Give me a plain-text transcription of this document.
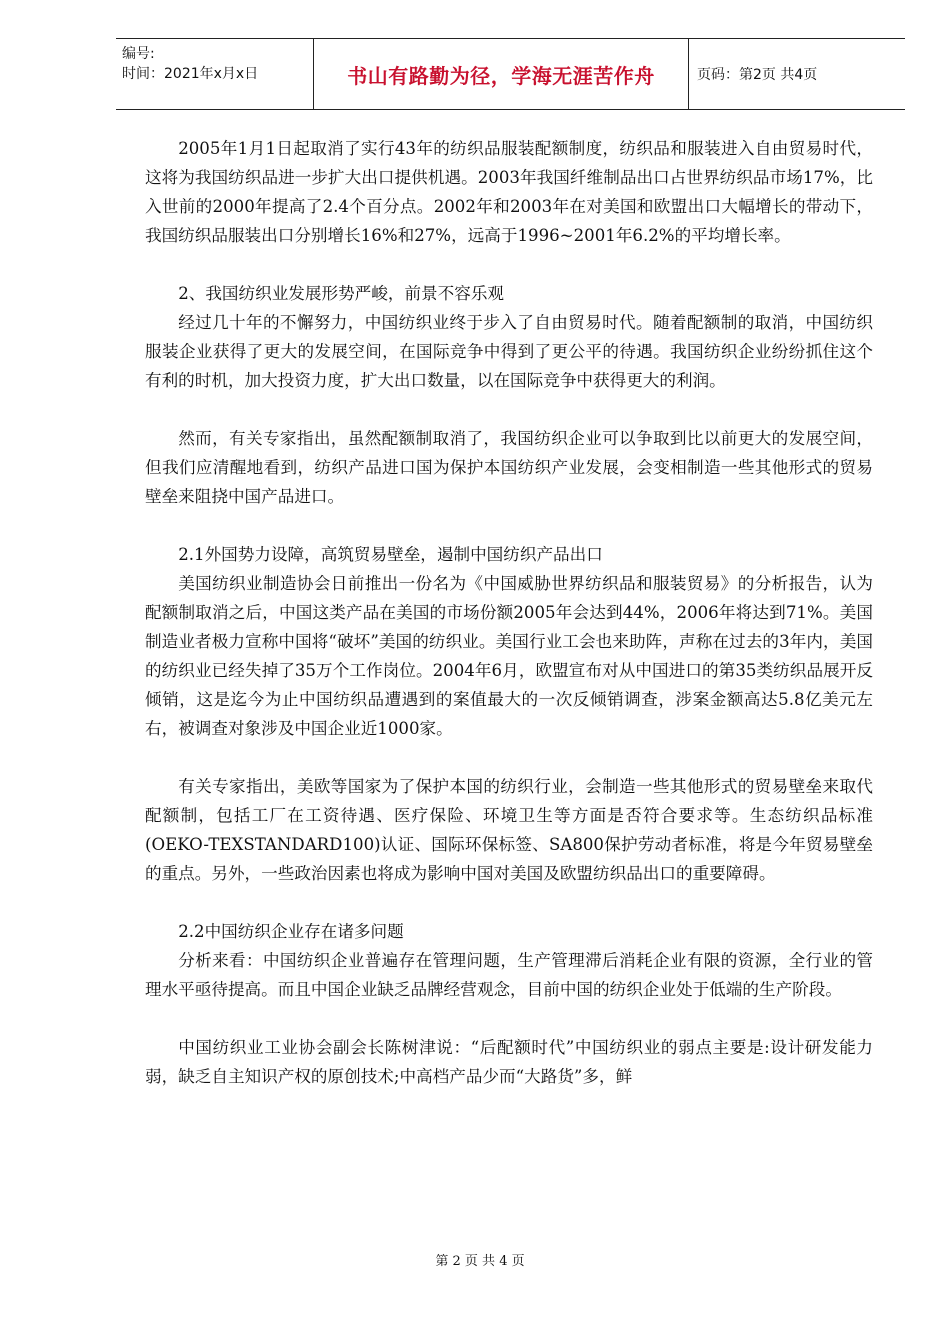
编号:
时间：2021年x月x日	书山有路勤为径，学海无涯苦作舟	页码：第2页 共4页

2005年1月1日起取消了实行43年的纺织品服装配额制度，纺织品和服装进入自由贸易时代，这将为我国纺织品进一步扩大出口提供机遇。2003年我国纤维制品出口占世界纺织品市场17%，比入世前的2000年提高了2.4个百分点。2002年和2003年在对美国和欧盟出口大幅增长的带动下，我国纺织品服装出口分别增长16%和27%，远高于1996~2001年6.2%的平均增长率。

2、我国纺织业发展形势严峻，前景不容乐观

经过几十年的不懈努力，中国纺织业终于步入了自由贸易时代。随着配额制的取消，中国纺织服装企业获得了更大的发展空间，在国际竞争中得到了更公平的待遇。我国纺织企业纷纷抓住这个有利的时机，加大投资力度，扩大出口数量，以在国际竞争中获得更大的利润。

然而，有关专家指出，虽然配额制取消了，我国纺织企业可以争取到比以前更大的发展空间，但我们应清醒地看到，纺织产品进口国为保护本国纺织产业发展，会变相制造一些其他形式的贸易壁垒来阻挠中国产品进口。

2.1外国势力设障，高筑贸易壁垒，遏制中国纺织产品出口

美国纺织业制造协会日前推出一份名为《中国威胁世界纺织品和服装贸易》的分析报告，认为配额制取消之后，中国这类产品在美国的市场份额2005年会达到44%，2006年将达到71%。美国制造业者极力宣称中国将“破坏”美国的纺织业。美国行业工会也来助阵，声称在过去的3年内，美国的纺织业已经失掉了35万个工作岗位。2004年6月，欧盟宣布对从中国进口的第35类纺织品展开反倾销，这是迄今为止中国纺织品遭遇到的案值最大的一次反倾销调查，涉案金额高达5.8亿美元左右，被调查对象涉及中国企业近1000家。

有关专家指出，美欧等国家为了保护本国的纺织行业，会制造一些其他形式的贸易壁垒来取代配额制，包括工厂在工资待遇、医疗保险、环境卫生等方面是否符合要求等。生态纺织品标准(OEKO-TEXSTANDARD100)认证、国际环保标签、SA800保护劳动者标准，将是今年贸易壁垒的重点。另外，一些政治因素也将成为影响中国对美国及欧盟纺织品出口的重要障碍。

2.2中国纺织企业存在诸多问题

分析来看：中国纺织企业普遍存在管理问题，生产管理滞后消耗企业有限的资源，全行业的管理水平亟待提高。而且中国企业缺乏品牌经营观念，目前中国的纺织企业处于低端的生产阶段。

中国纺织业工业协会副会长陈树津说：“后配额时代”中国纺织业的弱点主要是:设计研发能力弱，缺乏自主知识产权的原创技术;中高档产品少而“大路货”多，鲜

第 2 页 共 4 页
